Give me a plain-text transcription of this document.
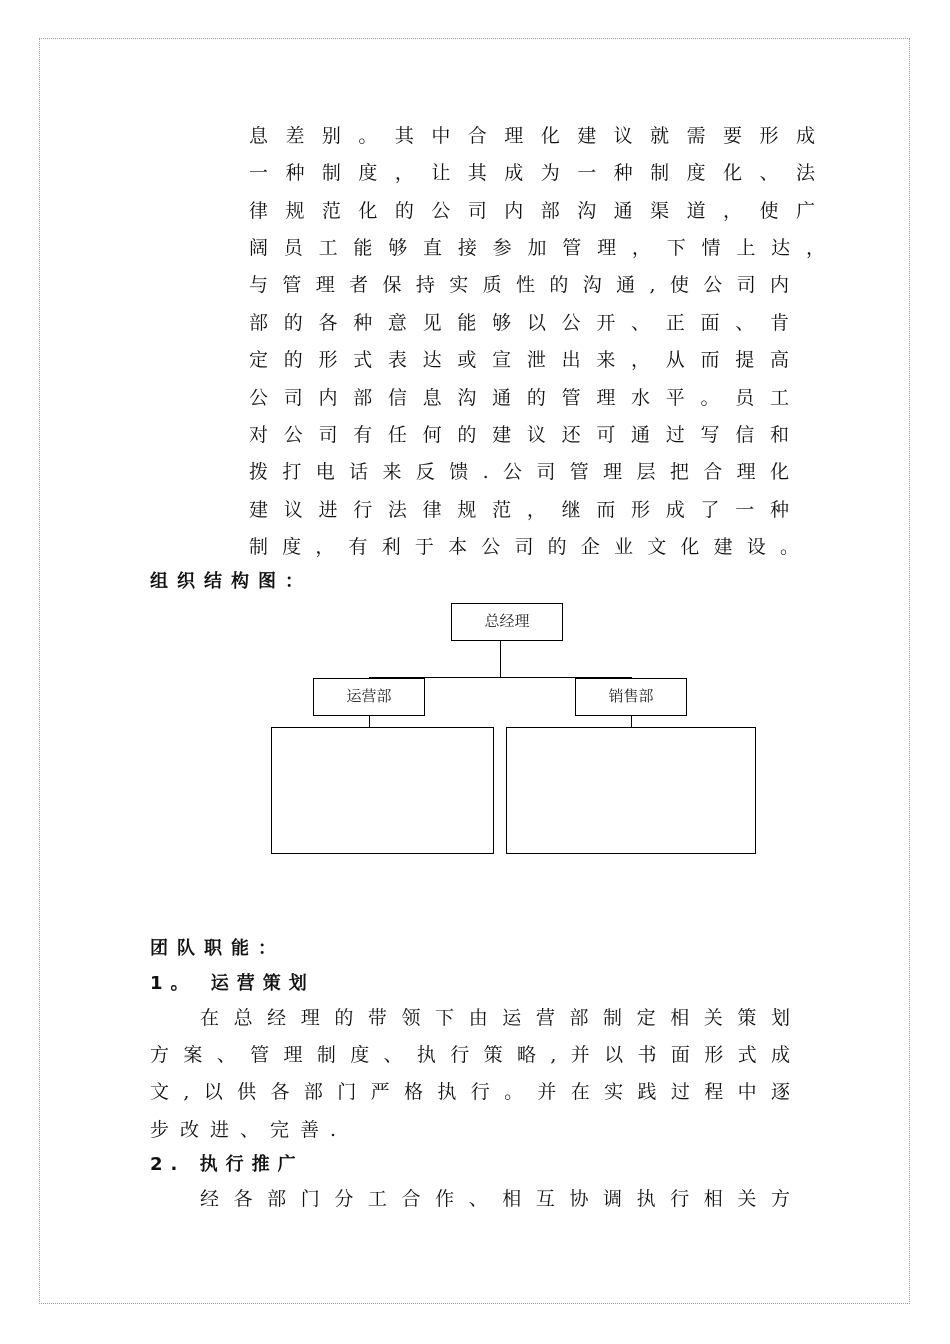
息差别。其中合理化建议就需要形成
一种制度，让其成为一种制度化、法
律规范化的公司内部沟通渠道，使广
阔员工能够直接参加管理，下情上达，
与管理者保持实质性的沟通,使公司内
部的各种意见能够以公开、正面、肯
定的形式表达或宣泄出来，从而提高
公司内部信息沟通的管理水平。员工
对公司有任何的建议还可通过写信和
拨打电话来反馈.公司管理层把合理化
建议进行法律规范，继而形成了一种
制度，有利于本公司的企业文化建设。
组织结构图：
总经理
运营部	销售部
团队职能：
1。 运营策划
在总经理的带领下由运营部制定相关策划
方案、管理制度、执行策略,并以书面形式成
文,以供各部门严格执行。并在实践过程中逐
步改进、完善.
2. 执行推广
经各部门分工合作、相互协调执行相关方
